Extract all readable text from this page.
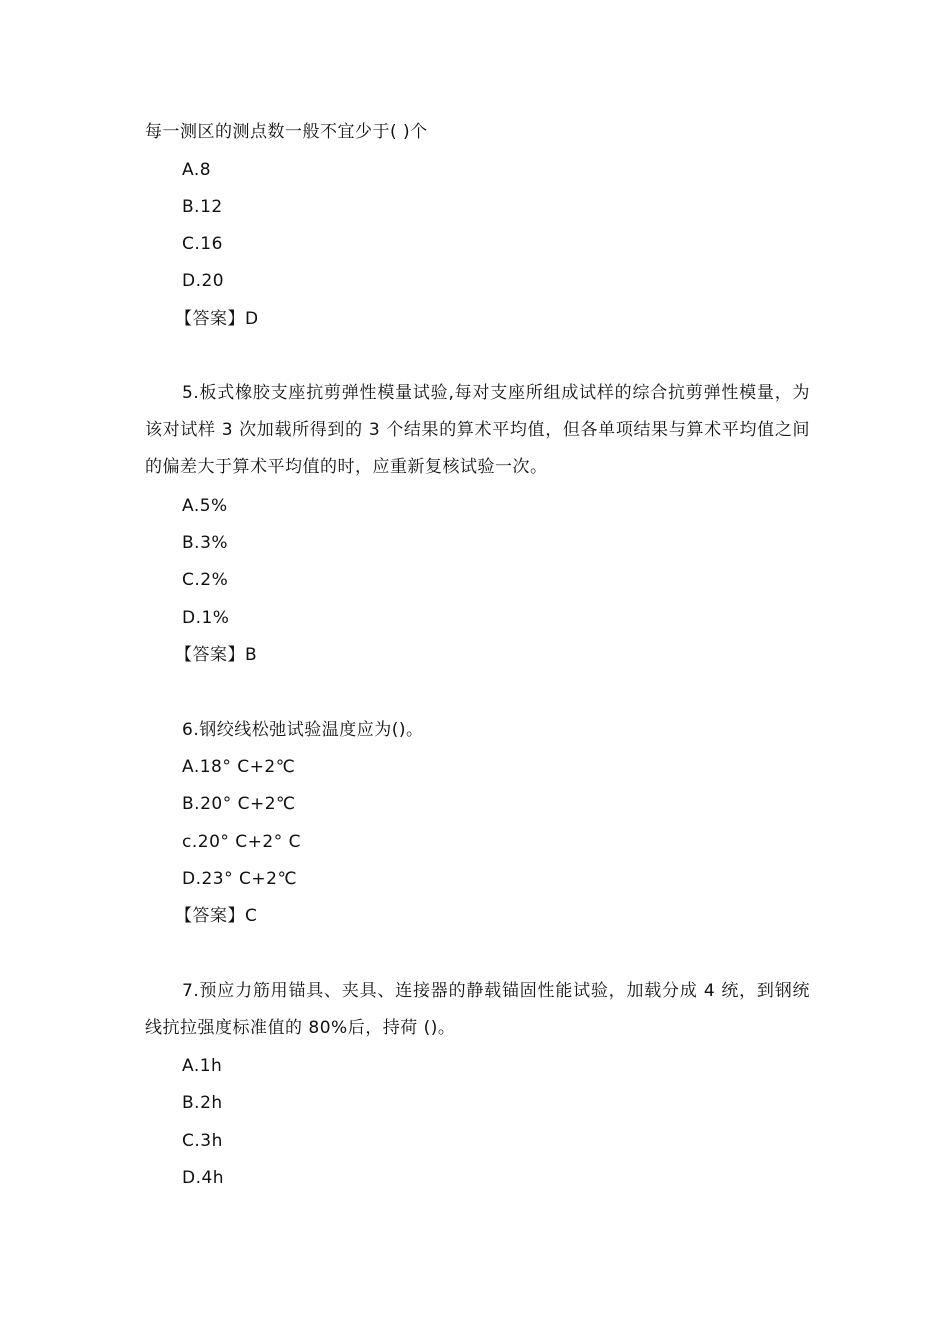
每一测区的测点数一般不宜少于( )个
A.8
B.12
C.16
D.20
【答案】D
5.板式橡胶支座抗剪弹性模量试验,每对支座所组成试样的综合抗剪弹性模量，为该对试样 3 次加载所得到的 3 个结果的算术平均值，但各单项结果与算术平均值之间的偏差大于算术平均值的时，应重新复核试验一次。
A.5%
B.3%
C.2%
D.1%
【答案】B
6.钢绞线松弛试验温度应为()。
A.18° C+2℃
B.20° C+2℃
c.20° C+2° C
D.23° C+2℃
【答案】C
7.预应力筋用锚具、夹具、连接器的静载锚固性能试验，加载分成 4 统，到钢统线抗拉强度标准值的 80%后，持荷 ()。
A.1h
B.2h
C.3h
D.4h
